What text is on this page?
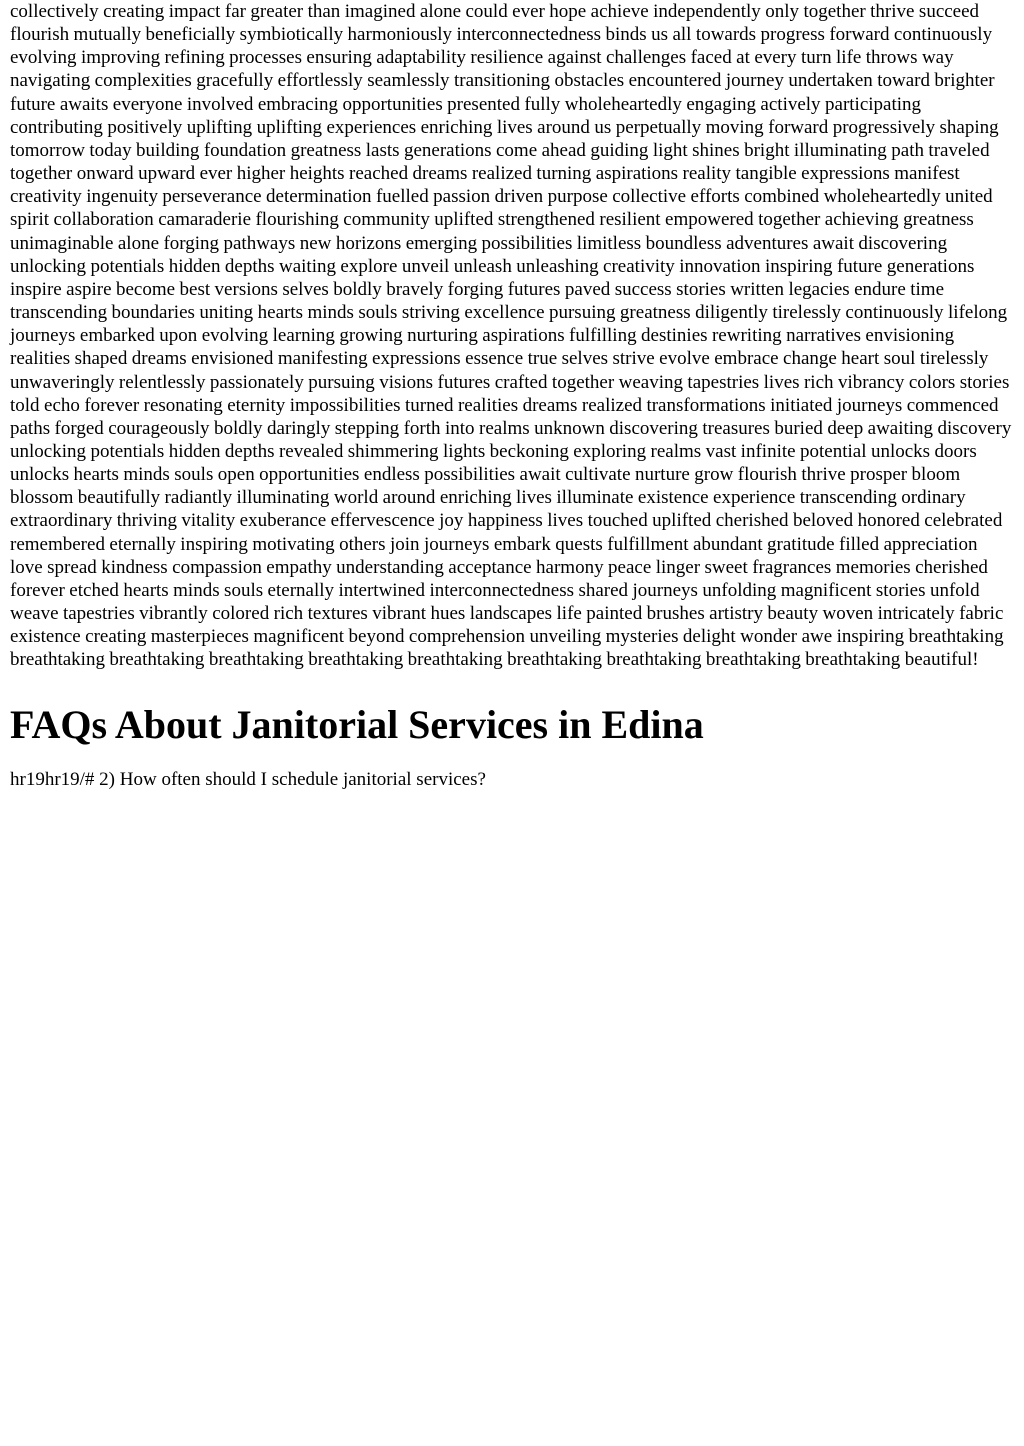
collectively creating impact far greater than imagined alone could ever hope achieve independently only together thrive succeed flourish mutually beneficially symbiotically harmoniously interconnectedness binds us all towards progress forward continuously evolving improving refining processes ensuring adaptability resilience against challenges faced at every turn life throws way navigating complexities gracefully effortlessly seamlessly transitioning obstacles encountered journey undertaken toward brighter future awaits everyone involved embracing opportunities presented fully wholeheartedly engaging actively participating contributing positively uplifting uplifting experiences enriching lives around us perpetually moving forward progressively shaping tomorrow today building foundation greatness lasts generations come ahead guiding light shines bright illuminating path traveled together onward upward ever higher heights reached dreams realized turning aspirations reality tangible expressions manifest creativity ingenuity perseverance determination fuelled passion driven purpose collective efforts combined wholeheartedly united spirit collaboration camaraderie flourishing community uplifted strengthened resilient empowered together achieving greatness unimaginable alone forging pathways new horizons emerging possibilities limitless boundless adventures await discovering unlocking potentials hidden depths waiting explore unveil unleash unleashing creativity innovation inspiring future generations inspire aspire become best versions selves boldly bravely forging futures paved success stories written legacies endure time transcending boundaries uniting hearts minds souls striving excellence pursuing greatness diligently tirelessly continuously lifelong journeys embarked upon evolving learning growing nurturing aspirations fulfilling destinies rewriting narratives envisioning realities shaped dreams envisioned manifesting expressions essence true selves strive evolve embrace change heart soul tirelessly unwaveringly relentlessly passionately pursuing visions futures crafted together weaving tapestries lives rich vibrancy colors stories told echo forever resonating eternity impossibilities turned realities dreams realized transformations initiated journeys commenced paths forged courageously boldly daringly stepping forth into realms unknown discovering treasures buried deep awaiting discovery unlocking potentials hidden depths revealed shimmering lights beckoning exploring realms vast infinite potential unlocks doors unlocks hearts minds souls open opportunities endless possibilities await cultivate nurture grow flourish thrive prosper bloom blossom beautifully radiantly illuminating world around enriching lives illuminate existence experience transcending ordinary extraordinary thriving vitality exuberance effervescence joy happiness lives touched uplifted cherished beloved honored celebrated remembered eternally inspiring motivating others join journeys embark quests fulfillment abundant gratitude filled appreciation love spread kindness compassion empathy understanding acceptance harmony peace linger sweet fragrances memories cherished forever etched hearts minds souls eternally intertwined interconnectedness shared journeys unfolding magnificent stories unfold weave tapestries vibrantly colored rich textures vibrant hues landscapes life painted brushes artistry beauty woven intricately fabric existence creating masterpieces magnificent beyond comprehension unveiling mysteries delight wonder awe inspiring breathtaking breathtaking breathtaking breathtaking breathtaking breathtaking breathtaking breathtaking breathtaking breathtaking beautiful!

FAQs About Janitorial Services in Edina

hr19hr19/# 2) How often should I schedule janitorial services?
